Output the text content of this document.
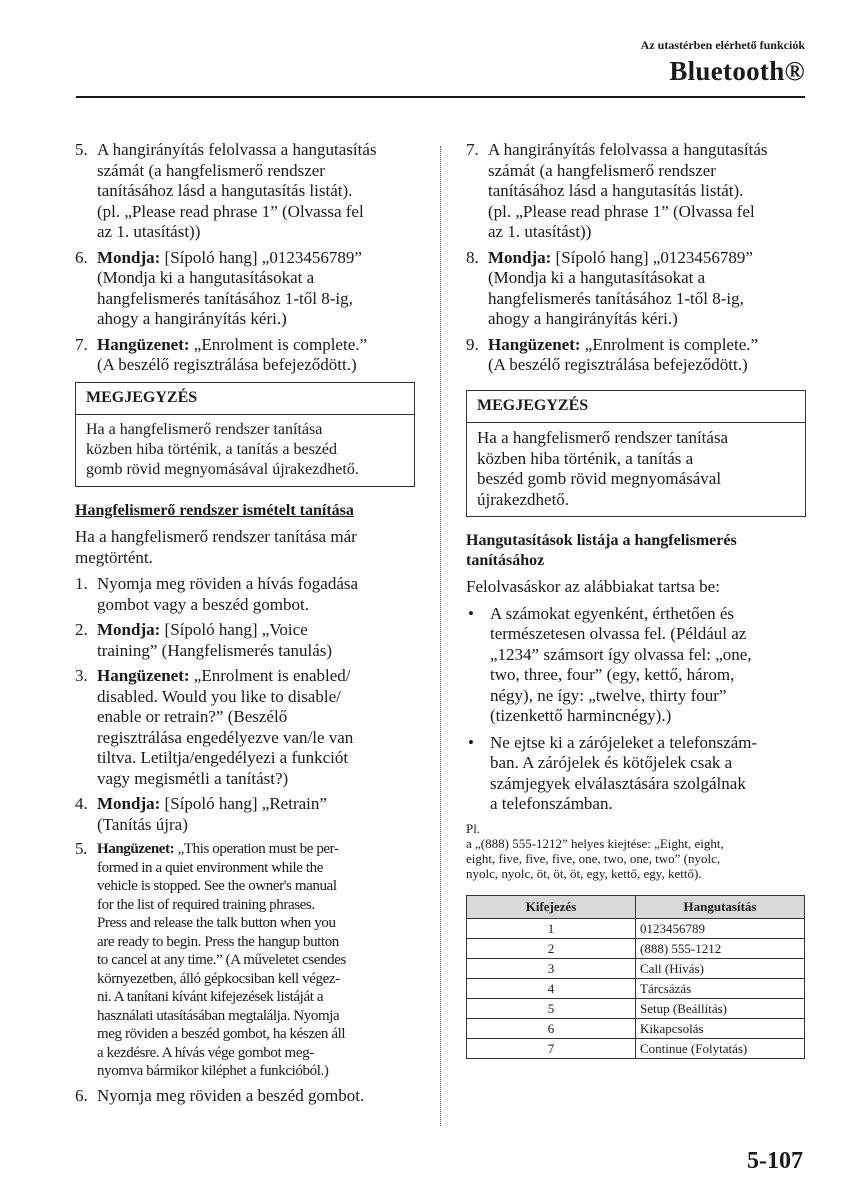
Az utastérben elérhető funkciók
Bluetooth®
5. A hangirányítás felolvassa a hangutasítás
számát (a hangfelismerő rendszer
tanításához lásd a hangutasítás listát).
(pl. „Please read phrase 1” (Olvassa fel
az 1. utasítást))
6. Mondja: [Sípoló hang] „0123456789”
(Mondja ki a hangutasításokat a
hangfelismerés tanításához 1-től 8-ig,
ahogy a hangirányítás kéri.)
7. Hangüzenet: „Enrolment is complete.”
(A beszélő regisztrálása befejeződött.)
MEGJEGYZÉS
Ha a hangfelismerő rendszer tanítása
közben hiba történik, a tanítás a beszéd
gomb rövid megnyomásával újrakezdhető.
Hangfelismerő rendszer ismételt tanítása
Ha a hangfelismerő rendszer tanítása már
megtörtént.
1. Nyomja meg röviden a hívás fogadása
gombot vagy a beszéd gombot.
2. Mondja: [Sípoló hang] „Voice
training” (Hangfelismerés tanulás)
3. Hangüzenet: „Enrolment is enabled/
disabled. Would you like to disable/
enable or retrain?” (Beszélő
regisztrálása engedélyezve van/le van
tiltva. Letiltja/engedélyezi a funkciót
vagy megismétli a tanítást?)
4. Mondja: [Sípoló hang] „Retrain”
(Tanítás újra)
5. Hangüzenet: „This operation must be per-
formed in a quiet environment while the
vehicle is stopped. See the owner's manual
for the list of required training phrases.
Press and release the talk button when you
are ready to begin. Press the hangup button
to cancel at any time.” (A műveletet csendes
környezetben, álló gépkocsiban kell végez-
ni. A tanítani kívánt kifejezések listáját a
használati utasításában megtalálja. Nyomja
meg röviden a beszéd gombot, ha készen áll
a kezdésre. A hívás vége gombot meg-
nyomva bármikor kiléphet a funkcióból.)
6. Nyomja meg röviden a beszéd gombot.
7. A hangirányítás felolvassa a hangutasítás
számát (a hangfelismerő rendszer
tanításához lásd a hangutasítás listát).
(pl. „Please read phrase 1” (Olvassa fel
az 1. utasítást))
8. Mondja: [Sípoló hang] „0123456789”
(Mondja ki a hangutasításokat a
hangfelismerés tanításához 1-től 8-ig,
ahogy a hangirányítás kéri.)
9. Hangüzenet: „Enrolment is complete.”
(A beszélő regisztrálása befejeződött.)
MEGJEGYZÉS
Ha a hangfelismerő rendszer tanítása
közben hiba történik, a tanítás a
beszéd gomb rövid megnyomásával
újrakezdhető.
Hangutasítások listája a hangfelismerés
tanításához
Felolvasáskor az alábbiakat tartsa be:
• A számokat egyenként, érthetően és
természetesen olvassa fel. (Például az
„1234” számsort így olvassa fel: „one,
two, three, four” (egy, kettő, három,
négy), ne így: „twelve, thirty four”
(tizenkettő harmincnégy).)
• Ne ejtse ki a zárójeleket a telefonszám-
ban. A zárójelek és kötőjelek csak a
számjegyek elválasztására szolgálnak
a telefonszámban.
Pl.
a „(888) 555-1212” helyes kiejtése: „Eight, eight,
eight, five, five, five, one, two, one, two” (nyolc,
nyolc, nyolc, öt, öt, öt, egy, kettő, egy, kettő).
Kifejezés	Hangutasítás
1	0123456789
2	(888) 555-1212
3	Call (Hívás)
4	Tárcsázás
5	Setup (Beállítás)
6	Kikapcsolás
7	Continue (Folytatás)
5-107
